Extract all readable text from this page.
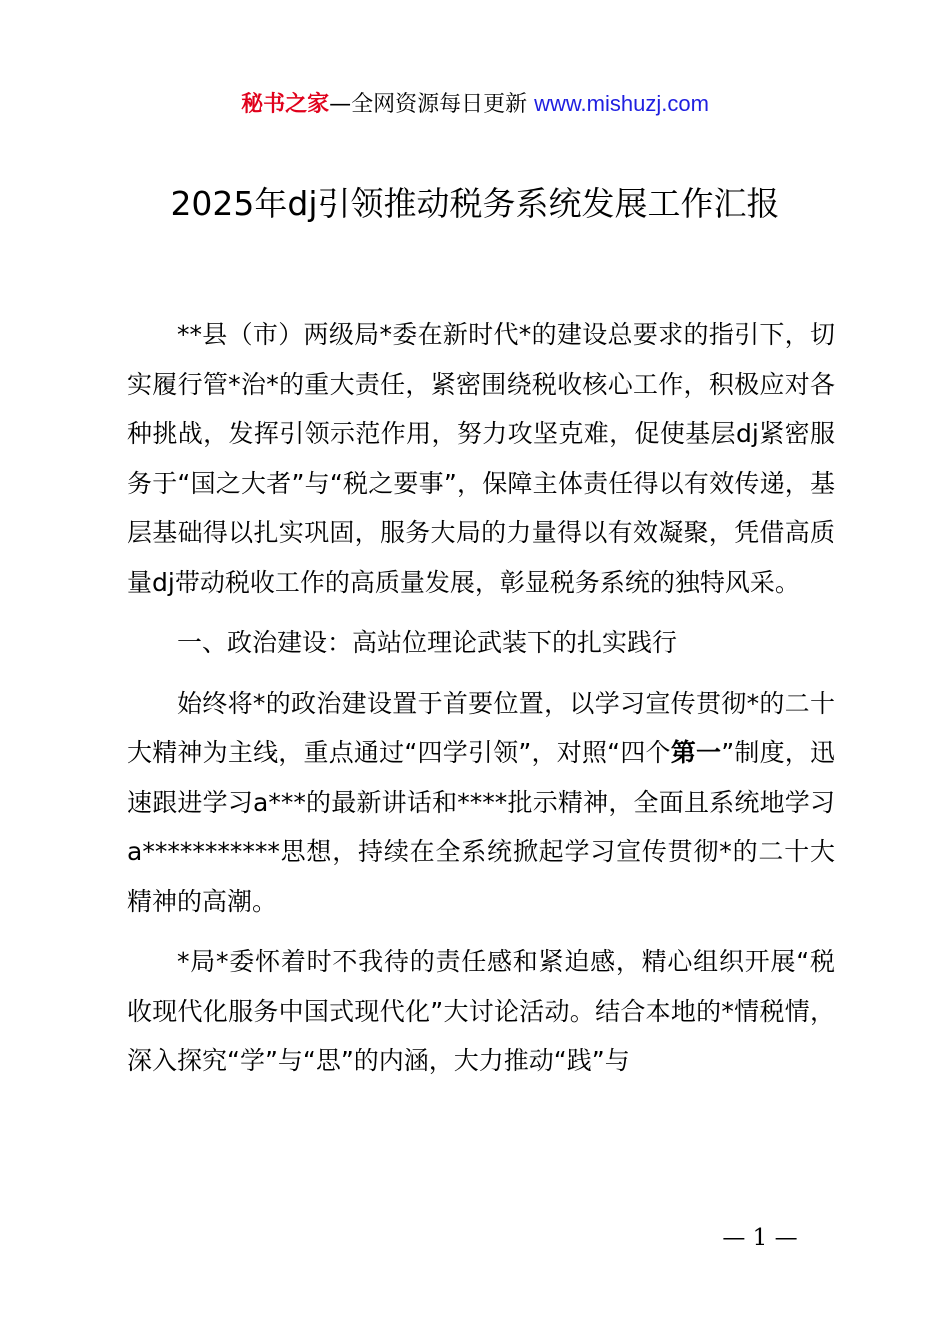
秘书之家—全网资源每日更新 www.mishuzj.com
2025年dj引领推动税务系统发展工作汇报

**县（市）两级局*委在新时代*的建设总要求的指引下，切实履行管*治*的重大责任，紧密围绕税收核心工作，积极应对各种挑战，发挥引领示范作用，努力攻坚克难，促使基层dj紧密服务于“国之大者”与“税之要事”，保障主体责任得以有效传递，基层基础得以扎实巩固，服务大局的力量得以有效凝聚，凭借高质量dj带动税收工作的高质量发展，彰显税务系统的独特风采。

一、政治建设：高站位理论武装下的扎实践行

始终将*的政治建设置于首要位置，以学习宣传贯彻*的二十大精神为主线，重点通过“四学引领”，对照“四个第一”制度，迅速跟进学习a***的最新讲话和****批示精神，全面且系统地学习a***********思想，持续在全系统掀起学习宣传贯彻*的二十大精神的高潮。

*局*委怀着时不我待的责任感和紧迫感，精心组织开展“税收现代化服务中国式现代化”大讨论活动。结合本地的*情税情，深入探究“学”与“思”的内涵，大力推动“践”与

— 1 —
